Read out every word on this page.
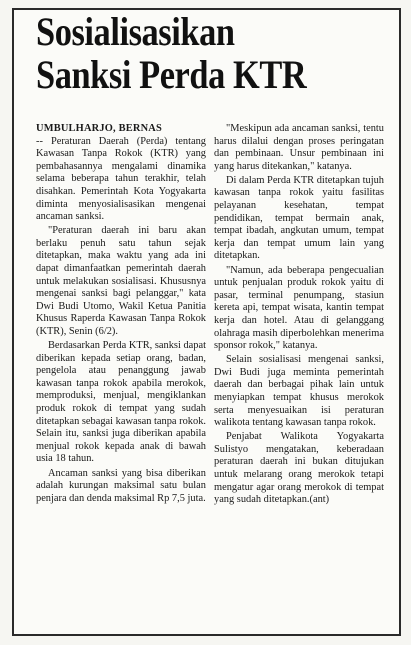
Sosialisasikan

Sanksi Perda KTR

UMBULHARJO, BERNAS
-- Peraturan Daerah (Perda) tentang Kawasan Tanpa Rokok (KTR) yang pembahasannya mengalami dinamika selama beberapa tahun terakhir, telah disahkan. Pemerintah Kota Yogyakarta diminta menyosialisasikan mengenai ancaman sanksi.

"Peraturan daerah ini baru akan berlaku penuh satu tahun sejak ditetapkan, maka waktu yang ada ini dapat dimanfaatkan pemerintah daerah untuk melakukan sosialisasi. Khususnya mengenai sanksi bagi pelanggar," kata Dwi Budi Utomo, Wakil Ketua Panitia Khusus Raperda Kawasan Tanpa Rokok (KTR), Senin (6/2).

Berdasarkan Perda KTR, sanksi dapat diberikan kepada setiap orang, badan, pengelola atau penanggung jawab kawasan tanpa rokok apabila merokok, memproduksi, menjual, mengiklankan produk rokok di tempat yang sudah ditetapkan sebagai kawasan tanpa rokok. Selain itu, sanksi juga diberikan apabila menjual rokok kepada anak di bawah usia 18 tahun.

Ancaman sanksi yang bisa diberikan adalah kurungan maksimal satu bulan penjara dan denda maksimal Rp 7,5 juta.

"Meskipun ada ancaman sanksi, tentu harus dilalui dengan proses peringatan dan pembinaan. Unsur pembinaan ini yang harus ditekankan," katanya.

Di dalam Perda KTR ditetapkan tujuh kawasan tanpa rokok yaitu fasilitas pelayanan kesehatan, tempat pendidikan, tempat bermain anak, tempat ibadah, angkutan umum, tempat kerja dan tempat umum lain yang ditetapkan.

"Namun, ada beberapa pengecualian untuk penjualan produk rokok yaitu di pasar, terminal penumpang, stasiun kereta api, tempat wisata, kantin tempat kerja dan hotel. Atau di gelanggang olahraga masih diperbolehkan menerima sponsor rokok," katanya.

Selain sosialisasi mengenai sanksi, Dwi Budi juga meminta pemerintah daerah dan berbagai pihak lain untuk menyiapkan tempat khusus merokok serta menyesuaikan isi peraturan walikota tentang kawasan tanpa rokok.

Penjabat Walikota Yogyakarta Sulistyo mengatakan, keberadaan peraturan daerah ini bukan ditujukan untuk melarang orang merokok tetapi mengatur agar orang merokok di tempat yang sudah ditetapkan.(ant)
